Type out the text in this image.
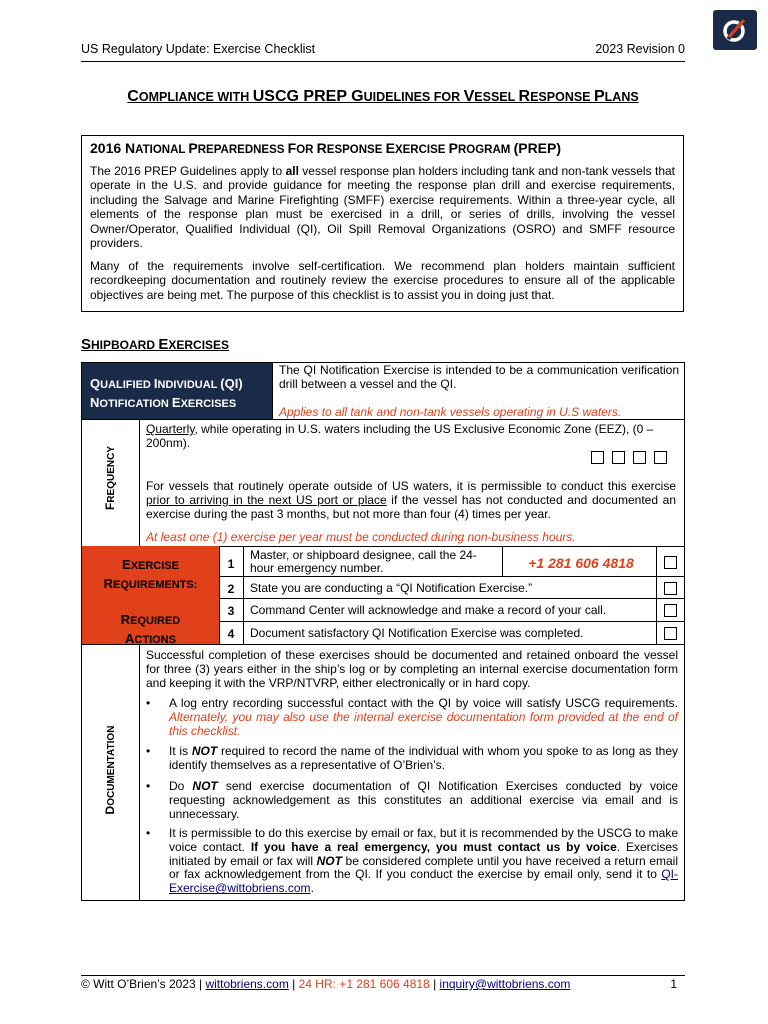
US Regulatory Update: Exercise Checklist	2023 Revision 0
COMPLIANCE WITH USCG PREP GUIDELINES FOR VESSEL RESPONSE PLANS
2016 NATIONAL PREPAREDNESS FOR RESPONSE EXERCISE PROGRAM (PREP)

The 2016 PREP Guidelines apply to all vessel response plan holders including tank and non-tank vessels that operate in the U.S. and provide guidance for meeting the response plan drill and exercise requirements, including the Salvage and Marine Firefighting (SMFF) exercise requirements. Within a three-year cycle, all elements of the response plan must be exercised in a drill, or series of drills, involving the vessel Owner/Operator, Qualified Individual (QI), Oil Spill Removal Organizations (OSRO) and SMFF resource providers.

Many of the requirements involve self-certification. We recommend plan holders maintain sufficient recordkeeping documentation and routinely review the exercise procedures to ensure all of the applicable objectives are being met. The purpose of this checklist is to assist you in doing just that.

SHIPBOARD EXERCISES
QUALIFIED INDIVIDUAL (QI)
NOTIFICATION EXERCISES
The QI Notification Exercise is intended to be a communication verification drill between a vessel and the QI.
Applies to all tank and non-tank vessels operating in U.S waters.
FREQUENCY
Quarterly, while operating in U.S. waters including the US Exclusive Economic Zone (EEZ), (0 – 200nm).
For vessels that routinely operate outside of US waters, it is permissible to conduct this exercise prior to arriving in the next US port or place if the vessel has not conducted and documented an exercise during the past 3 months, but not more than four (4) times per year.
At least one (1) exercise per year must be conducted during non-business hours.
EXERCISE
REQUIREMENTS:
REQUIRED
ACTIONS
1
Master, or shipboard designee, call the 24-hour emergency number.	+1 281 606 4818
2	State you are conducting a “QI Notification Exercise.”
3	Command Center will acknowledge and make a record of your call.
4	Document satisfactory QI Notification Exercise was completed.
DOCUMENTATION
Successful completion of these exercises should be documented and retained onboard the vessel for three (3) years either in the ship’s log or by completing an internal exercise documentation form and keeping it with the VRP/NTVRP, either electronically or in hard copy.
• A log entry recording successful contact with the QI by voice will satisfy USCG requirements. Alternately, you may also use the internal exercise documentation form provided at the end of this checklist.
• It is NOT required to record the name of the individual with whom you spoke to as long as they identify themselves as a representative of O’Brien’s.
• Do NOT send exercise documentation of QI Notification Exercises conducted by voice requesting acknowledgement as this constitutes an additional exercise via email and is unnecessary.
• It is permissible to do this exercise by email or fax, but it is recommended by the USCG to make voice contact. If you have a real emergency, you must contact us by voice. Exercises initiated by email or fax will NOT be considered complete until you have received a return email or fax acknowledgement from the QI. If you conduct the exercise by email only, send it to QI-Exercise@wittobriens.com.
© Witt O’Brien’s 2023 | wittobriens.com | 24 HR: +1 281 606 4818 | inquiry@wittobriens.com	1
